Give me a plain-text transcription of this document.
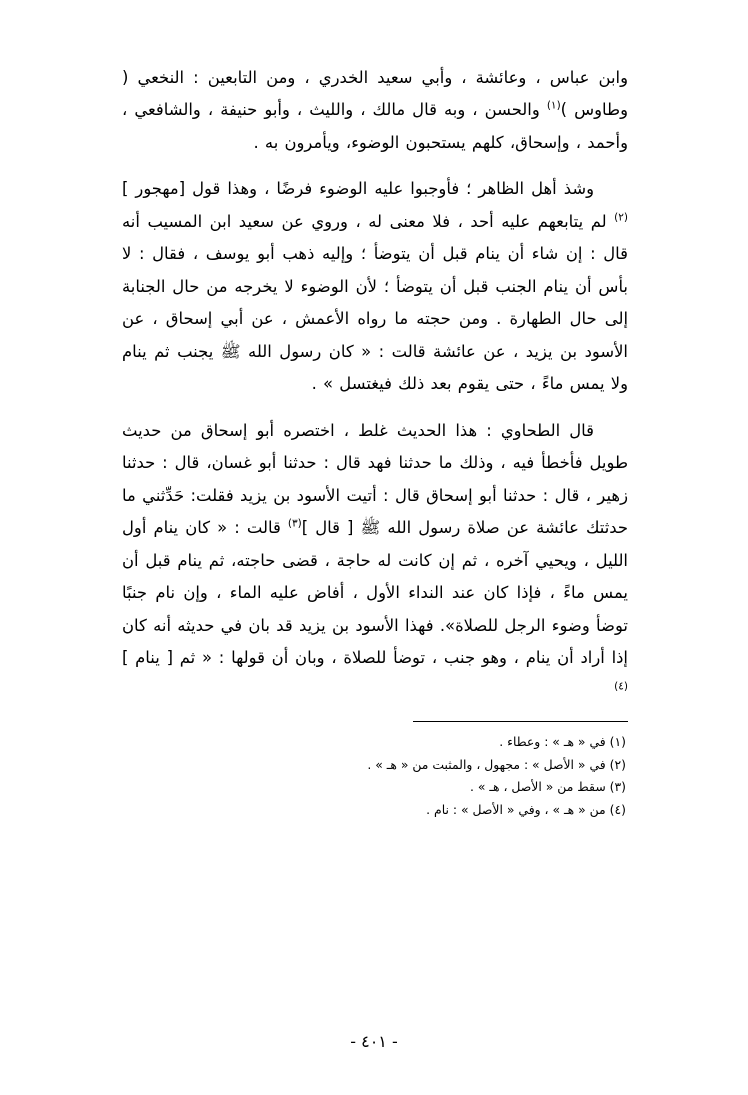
وابن عباس ، وعائشة ، وأبي سعيد الخدري ، ومن التابعين : النخعي ( وطاوس )$^{(١)}$ والحسن ، وبه قال مالك ، والليث ، وأبو حنيفة ، والشافعي ، وأحمد ، وإسحاق، كلهم يستحبون الوضوء، ويأمرون به .

وشذ أهل الظاهر ؛ فأوجبوا عليه الوضوء فرضًا ، وهذا قول [مهجور ]$^{(٢)}$ لم يتابعهم عليه أحد ، فلا معنى له ، وروي عن سعيد ابن المسيب أنه قال : إن شاء أن ينام قبل أن يتوضأ ؛ وإليه ذهب أبو يوسف ، فقال : لا بأس أن ينام الجنب قبل أن يتوضأ ؛ لأن الوضوء لا يخرجه من حال الجنابة إلى حال الطهارة . ومن حجته ما رواه الأعمش ، عن أبي إسحاق ، عن الأسود بن يزيد ، عن عائشة قالت : « كان رسول الله ﷺ يجنب ثم ينام ولا يمس ماءً ، حتى يقوم بعد ذلك فيغتسل » .

قال الطحاوي : هذا الحديث غلط ، اختصره أبو إسحاق من حديث طويل فأخطأ فيه ، وذلك ما حدثنا فهد قال : حدثنا أبو غسان، قال : حدثنا زهير ، قال : حدثنا أبو إسحاق قال : أتيت الأسود بن يزيد فقلت: حَدِّثني ما حدثتك عائشة عن صلاة رسول الله ﷺ [ قال ]$^{(٣)}$ قالت : « كان ينام أول الليل ، ويحيي آخره ، ثم إن كانت له حاجة ، قضى حاجته، ثم ينام قبل أن يمس ماءً ، فإذا كان عند النداء الأول ، أفاض عليه الماء ، وإن نام جنبًا توضأ وضوء الرجل للصلاة». فهذا الأسود بن يزيد قد بان في حديثه أنه كان إذا أراد أن ينام ، وهو جنب ، توضأ للصلاة ، وبان أن قولها : « ثم [ ينام ]$^{(٤)}$

(١) في « هـ » : وعطاء .

(٢) في « الأصل » : مجهول ، والمثبت من « هـ » .

(٣) سقط من « الأصل ، هـ » .

(٤) من « هـ » ، وفي « الأصل » : نام .

- ٤٠١ -
